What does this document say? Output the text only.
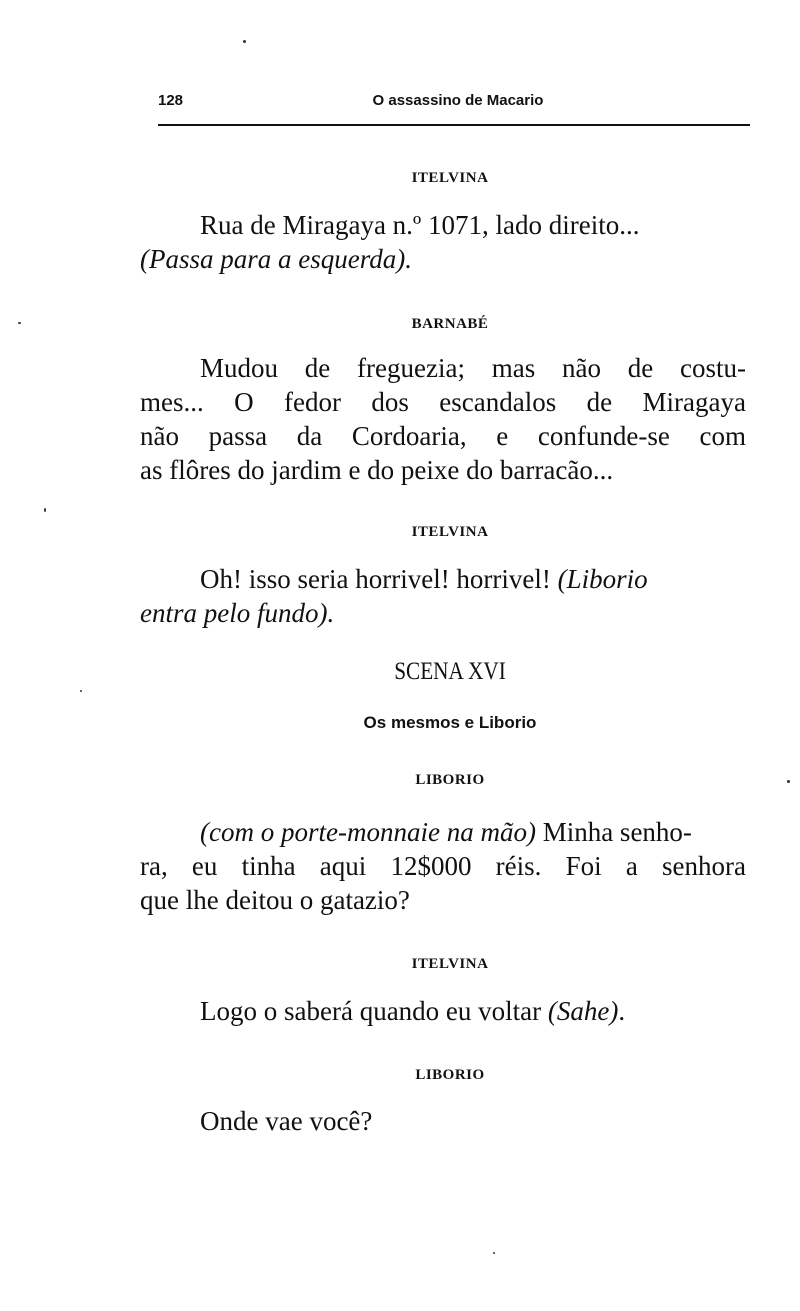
128	O assassino de Macario
ITELVINA
Rua de Miragaya n.º 1071, lado direito...
(Passa para a esquerda).
BARNABÉ
Mudou de freguezia; mas não de costu-
mes... O fedor dos escandalos de Miragaya
não passa da Cordoaria, e confunde-se com
as flôres do jardim e do peixe do barracão...
ITELVINA
Oh! isso seria horrivel! horrivel! (Liborio
entra pelo fundo).
SCENA XVI
Os mesmos e Liborio
LIBORIO
(com o porte-monnaie na mão) Minha senho-
ra, eu tinha aqui 12$000 réis. Foi a senhora
que lhe deitou o gatazio?
ITELVINA
Logo o saberá quando eu voltar (Sahe).
LIBORIO
Onde vae você?
